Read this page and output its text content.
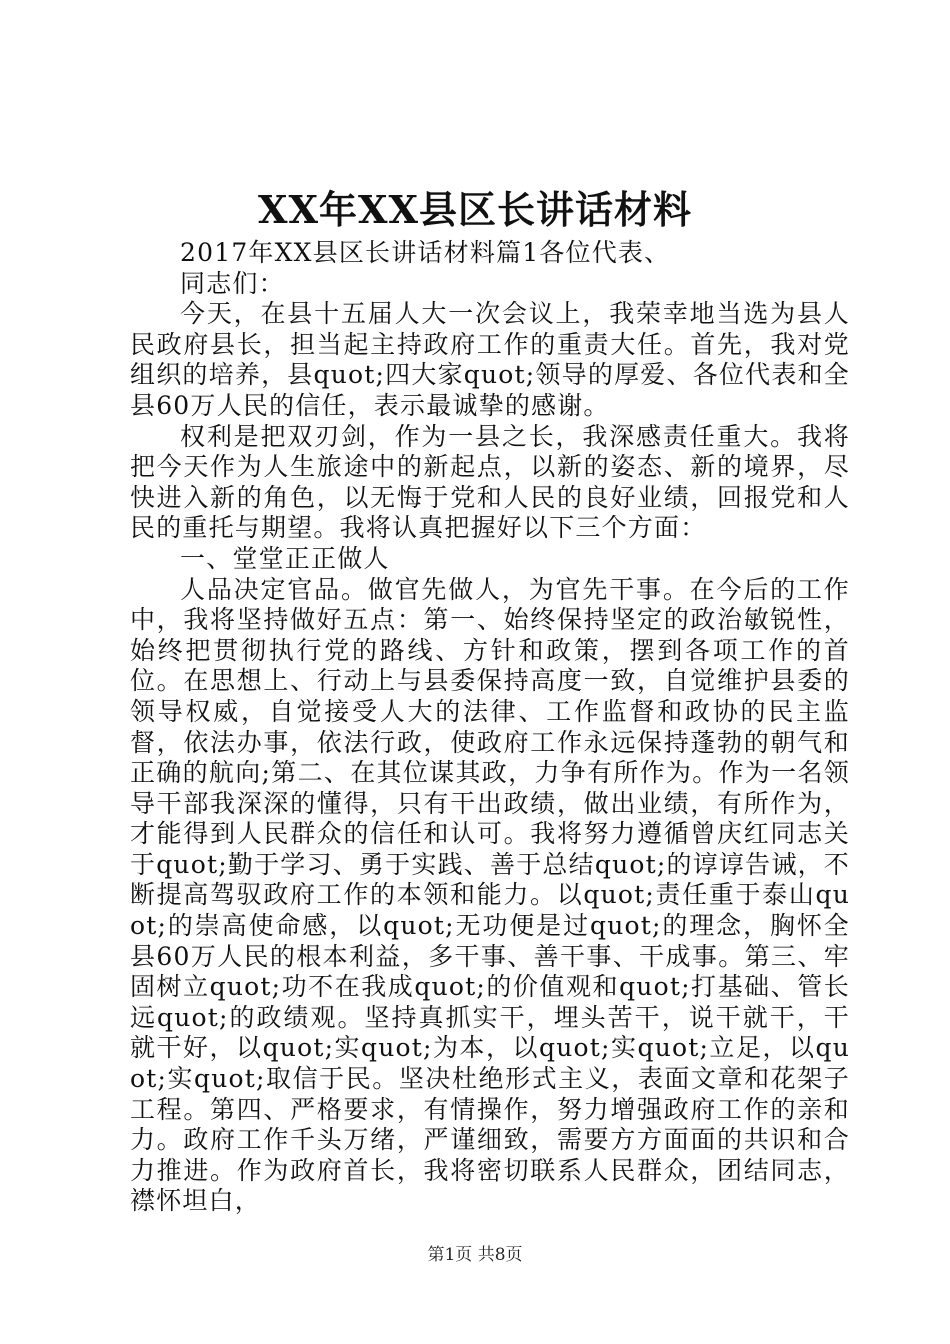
XX年XX县区长讲话材料

2017年XX县区长讲话材料篇1各位代表、

同志们：

今天，在县十五届人大一次会议上，我荣幸地当选为县人民政府县长，担当起主持政府工作的重责大任。首先，我对党组织的培养，县quot;四大家quot;领导的厚爱、各位代表和全县60万人民的信任，表示最诚挚的感谢。

权利是把双刃剑，作为一县之长，我深感责任重大。我将把今天作为人生旅途中的新起点，以新的姿态、新的境界，尽快进入新的角色，以无悔于党和人民的良好业绩，回报党和人民的重托与期望。我将认真把握好以下三个方面：

一、堂堂正正做人

人品决定官品。做官先做人，为官先干事。在今后的工作中，我将坚持做好五点：第一、始终保持坚定的政治敏锐性，始终把贯彻执行党的路线、方针和政策，摆到各项工作的首位。在思想上、行动上与县委保持高度一致，自觉维护县委的领导权威，自觉接受人大的法律、工作监督和政协的民主监督，依法办事，依法行政，使政府工作永远保持蓬勃的朝气和正确的航向;第二、在其位谋其政，力争有所作为。作为一名领导干部我深深的懂得，只有干出政绩，做出业绩，有所作为，才能得到人民群众的信任和认可。我将努力遵循曾庆红同志关于quot;勤于学习、勇于实践、善于总结quot;的谆谆告诫，不断提高驾驭政府工作的本领和能力。以quot;责任重于泰山quot;的崇高使命感，以quot;无功便是过quot;的理念，胸怀全县60万人民的根本利益，多干事、善干事、干成事。第三、牢固树立quot;功不在我成quot;的价值观和quot;打基础、管长远quot;的政绩观。坚持真抓实干，埋头苦干，说干就干，干就干好，以quot;实quot;为本，以quot;实quot;立足，以quot;实quot;取信于民。坚决杜绝形式主义，表面文章和花架子工程。第四、严格要求，有情操作，努力增强政府工作的亲和力。政府工作千头万绪，严谨细致，需要方方面面的共识和合力推进。作为政府首长，我将密切联系人民群众，团结同志，襟怀坦白，

第1页 共8页
